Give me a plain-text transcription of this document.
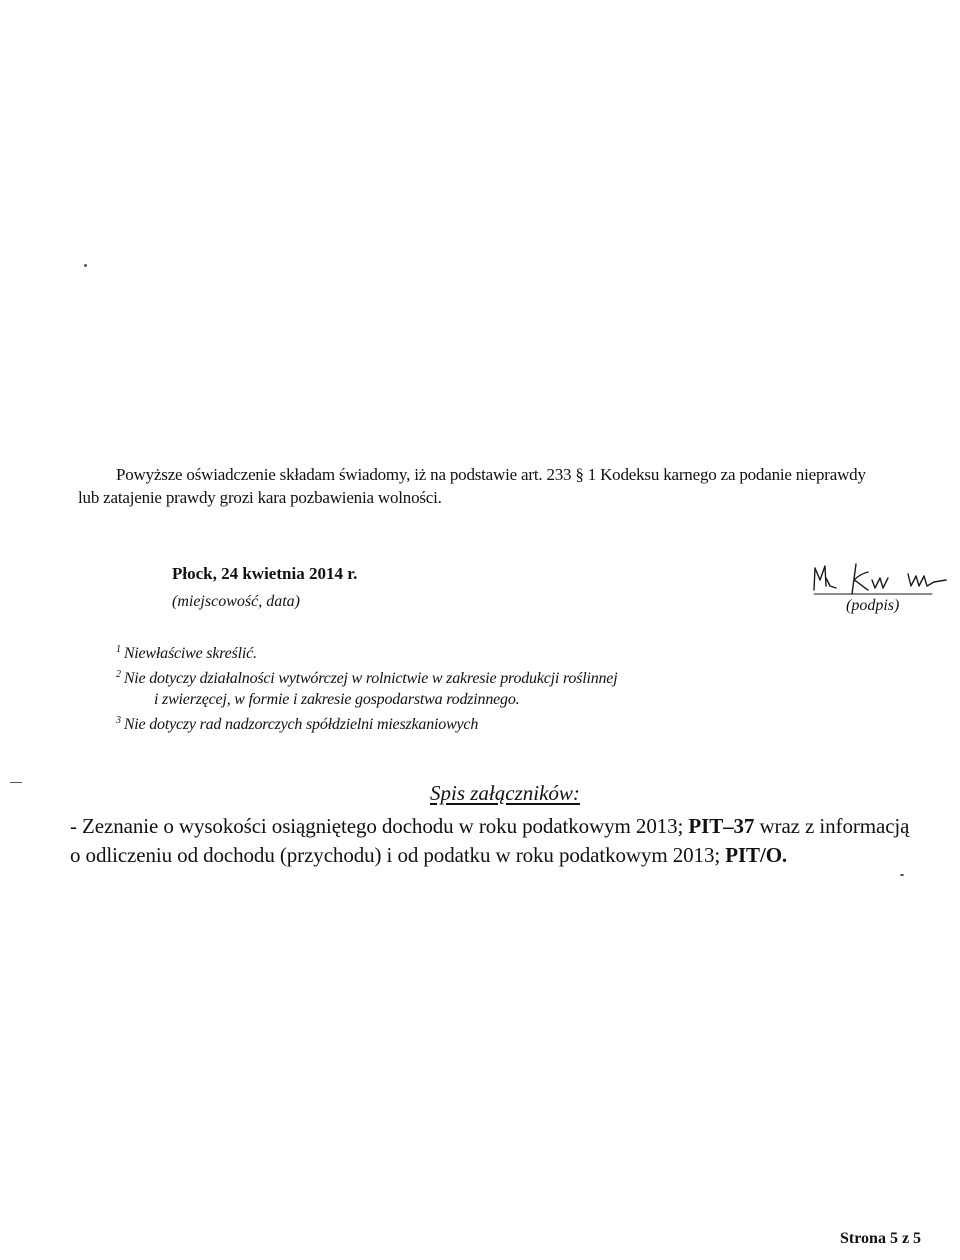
Powyższe oświadczenie składam świadomy, iż na podstawie art. 233 § 1 Kodeksu karnego za podanie nieprawdy

lub zatajenie prawdy grozi kara pozbawienia wolności.

Płock, 24 kwietnia 2014 r.
(miejscowość, data)	(podpis)

$^1$ Niewłaściwe skreślić.

$^2$ Nie dotyczy działalności wytwórczej w rolnictwie w zakresie produkcji roślinnej

i zwierzęcej, w formie i zakresie gospodarstwa rodzinnego.

$^3$ Nie dotyczy rad nadzorczych spółdzielni mieszkaniowych

Spis załączników:

- Zeznanie o wysokości osiągniętego dochodu w roku podatkowym 2013; PIT–37 wraz z informacją

o odliczeniu od dochodu (przychodu) i od podatku w roku podatkowym 2013; PIT/O.

Strona 5 z 5
